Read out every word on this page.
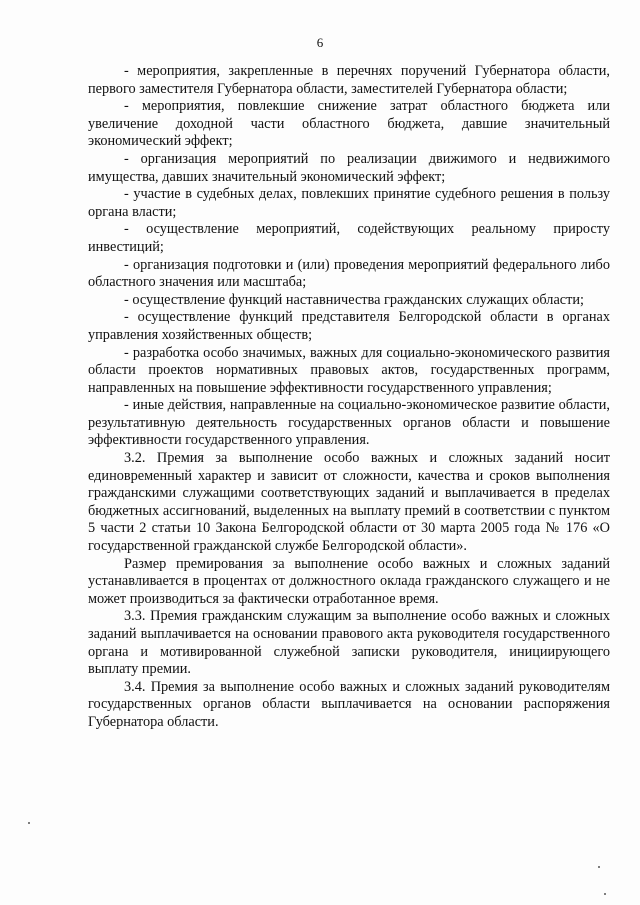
6

- мероприятия, закрепленные в перечнях поручений Губернатора области, первого заместителя Губернатора области, заместителей Губернатора области;

- мероприятия, повлекшие снижение затрат областного бюджета или увеличение доходной части областного бюджета, давшие значительный экономический эффект;

- организация мероприятий по реализации движимого и недвижимого имущества, давших значительный экономический эффект;

- участие в судебных делах, повлекших принятие судебного решения в пользу органа власти;

- осуществление мероприятий, содействующих реальному приросту инвестиций;

- организация подготовки и (или) проведения мероприятий федерального либо областного значения или масштаба;

- осуществление функций наставничества гражданских служащих области;

- осуществление функций представителя Белгородской области в органах управления хозяйственных обществ;

- разработка особо значимых, важных для социально-экономического развития области проектов нормативных правовых актов, государственных программ, направленных на повышение эффективности государственного управления;

- иные действия, направленные на социально-экономическое развитие области, результативную деятельность государственных органов области и повышение эффективности государственного управления.

3.2. Премия за выполнение особо важных и сложных заданий носит единовременный характер и зависит от сложности, качества и сроков выполнения гражданскими служащими соответствующих заданий и выплачивается в пределах бюджетных ассигнований, выделенных на выплату премий в соответствии с пунктом 5 части 2 статьи 10 Закона Белгородской области от 30 марта 2005 года № 176 «О государственной гражданской службе Белгородской области».

Размер премирования за выполнение особо важных и сложных заданий устанавливается в процентах от должностного оклада гражданского служащего и не может производиться за фактически отработанное время.

3.3. Премия гражданским служащим за выполнение особо важных и сложных заданий выплачивается на основании правового акта руководителя государственного органа и мотивированной служебной записки руководителя, инициирующего выплату премии.

3.4. Премия за выполнение особо важных и сложных заданий руководителям государственных органов области выплачивается на основании распоряжения Губернатора области.
